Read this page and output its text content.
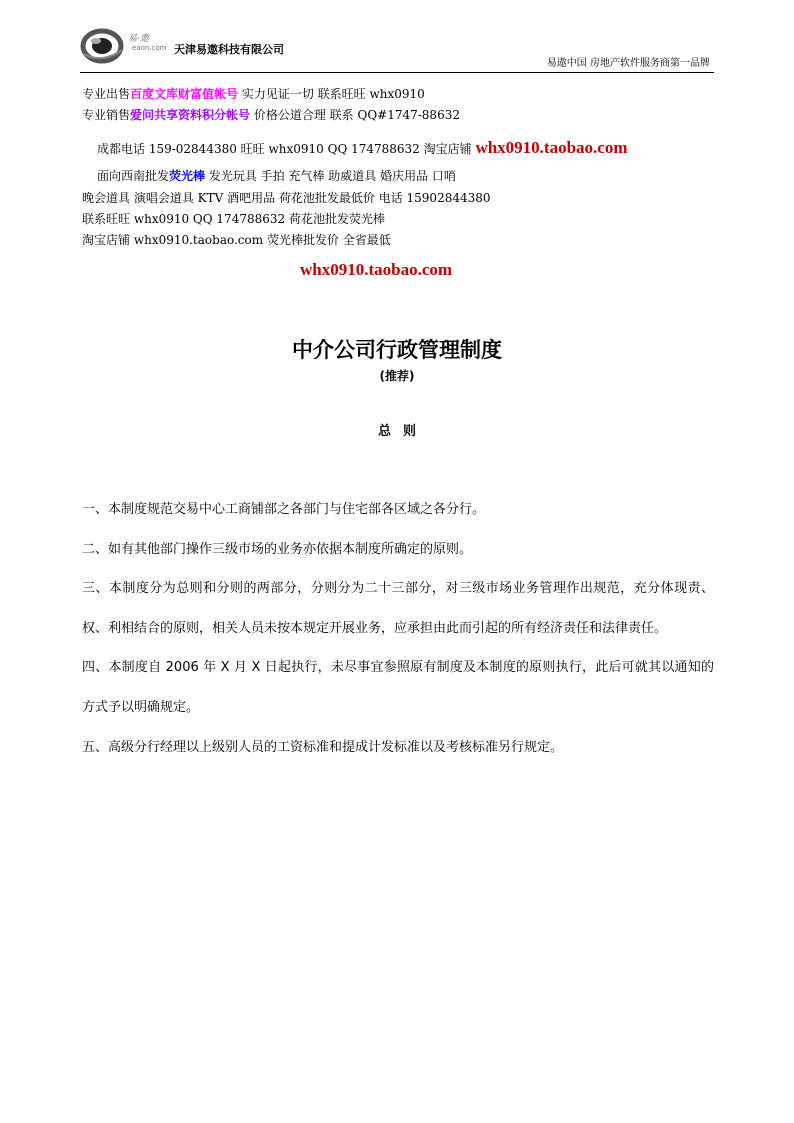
易·遨
eaon.com 天津易遨科技有限公司
易遨中国 房地产软件服务商第一品牌
专业出售百度文库财富值帐号 实力见证一切 联系旺旺 whx0910
专业销售爱问共享资料积分帐号 价格公道合理 联系 QQ#1747-88632
成都电话 159-02844380 旺旺 whx0910 QQ 174788632 淘宝店铺 whx0910.taobao.com
面向西南批发荧光棒 发光玩具 手拍 充气棒 助威道具 婚庆用品 口哨
晚会道具 演唱会道具 KTV 酒吧用品 荷花池批发最低价 电话 15902844380
联系旺旺 whx0910 QQ 174788632 荷花池批发荧光棒
淘宝店铺 whx0910.taobao.com 荧光棒批发价 全省最低
whx0910.taobao.com
中介公司行政管理制度
(推荐)
总则

一、本制度规范交易中心工商铺部之各部门与住宅部各区域之各分行。

二、如有其他部门操作三级市场的业务亦依据本制度所确定的原则。

三、本制度分为总则和分则的两部分，分则分为二十三部分，对三级市场业务管理作出规范，充分体现责、权、利相结合的原则，相关人员未按本规定开展业务，应承担由此而引起的所有经济责任和法律责任。

四、本制度自 2006 年 X 月 X 日起执行，未尽事宜参照原有制度及本制度的原则执行，此后可就其以通知的方式予以明确规定。

五、高级分行经理以上级别人员的工资标准和提成计发标准以及考核标准另行规定。
